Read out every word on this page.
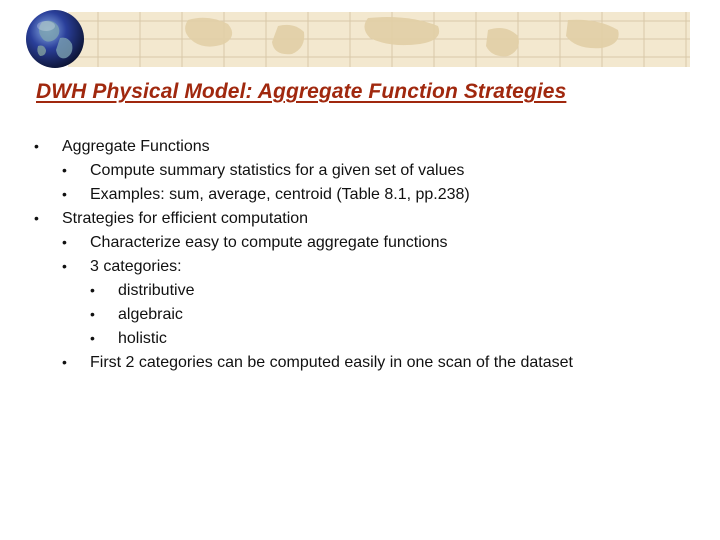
DWH Physical Model: Aggregate Function Strategies
• Aggregate Functions
• Compute summary statistics for a given set of values
• Examples: sum, average, centroid (Table 8.1, pp.238)
• Strategies for efficient computation
• Characterize easy to compute aggregate functions
• 3 categories:
• distributive
• algebraic
• holistic
• First 2 categories can be computed easily in one scan of the dataset
